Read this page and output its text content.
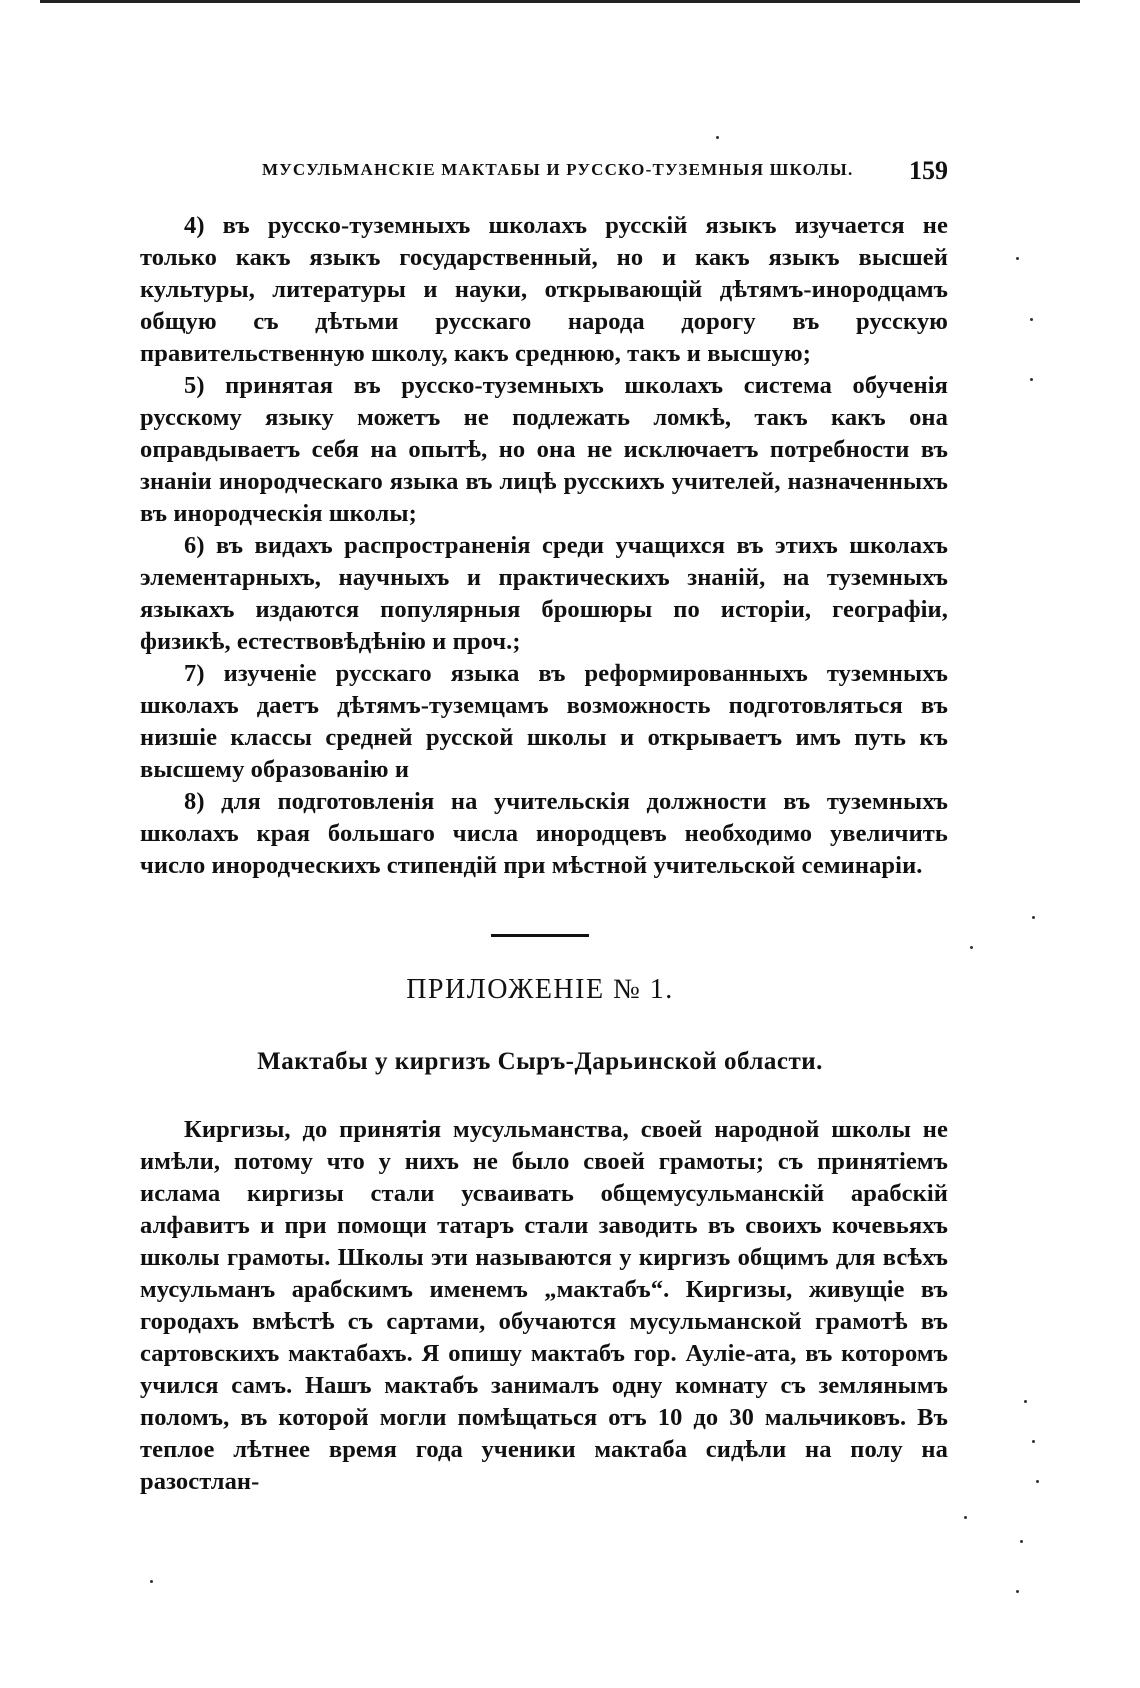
МУСУЛЬМАНСКІЕ МАКТАБЫ И РУССКО-ТУЗЕМНЫЯ ШКОЛЫ. 159

4) въ русско-туземныхъ школахъ русскій языкъ изучается не только какъ языкъ государственный, но и какъ языкъ высшей культуры, литературы и науки, открывающій дѣтямъ-инородцамъ общую съ дѣтьми русскаго народа дорогу въ русскую правительственную школу, какъ среднюю, такъ и высшую;

5) принятая въ русско-туземныхъ школахъ система обученія русскому языку можетъ не подлежать ломкѣ, такъ какъ она оправдываетъ себя на опытѣ, но она не исключаетъ потребности въ знаніи инородческаго языка въ лицѣ русскихъ учителей, назначенныхъ въ инородческія школы;

6) въ видахъ распространенія среди учащихся въ этихъ школахъ элементарныхъ, научныхъ и практическихъ знаній, на туземныхъ языкахъ издаются популярныя брошюры по исторіи, географіи, физикѣ, естествовѣдѣнію и проч.;

7) изученіе русскаго языка въ реформированныхъ туземныхъ школахъ даетъ дѣтямъ-туземцамъ возможность подготовляться въ низшіе классы средней русской школы и открываетъ имъ путь къ высшему образованію и

8) для подготовленія на учительскія должности въ туземныхъ школахъ края большаго числа инородцевъ необходимо увеличить число инородческихъ стипендій при мѣстной учительской семинаріи.

ПРИЛОЖЕНІЕ № 1.
Мактабы у киргизъ Сыръ-Дарьинской области.

Киргизы, до принятія мусульманства, своей народной школы не имѣли, потому что у нихъ не было своей грамоты; съ принятіемъ ислама киргизы стали усваивать общемусульманскій арабскій алфавитъ и при помощи татаръ стали заводить въ своихъ кочевьяхъ школы грамоты. Школы эти называются у киргизъ общимъ для всѣхъ мусульманъ арабскимъ именемъ „мактабъ“. Киргизы, живущіе въ городахъ вмѣстѣ съ сартами, обучаются мусульманской грамотѣ въ сартовскихъ мактабахъ. Я опишу мактабъ гор. Ауліе-ата, въ которомъ учился самъ. Нашъ мактабъ занималъ одну комнату съ землянымъ поломъ, въ которой могли помѣщаться отъ 10 до 30 мальчиковъ. Въ теплое лѣтнее время года ученики мактаба сидѣли на полу на разостлан-
